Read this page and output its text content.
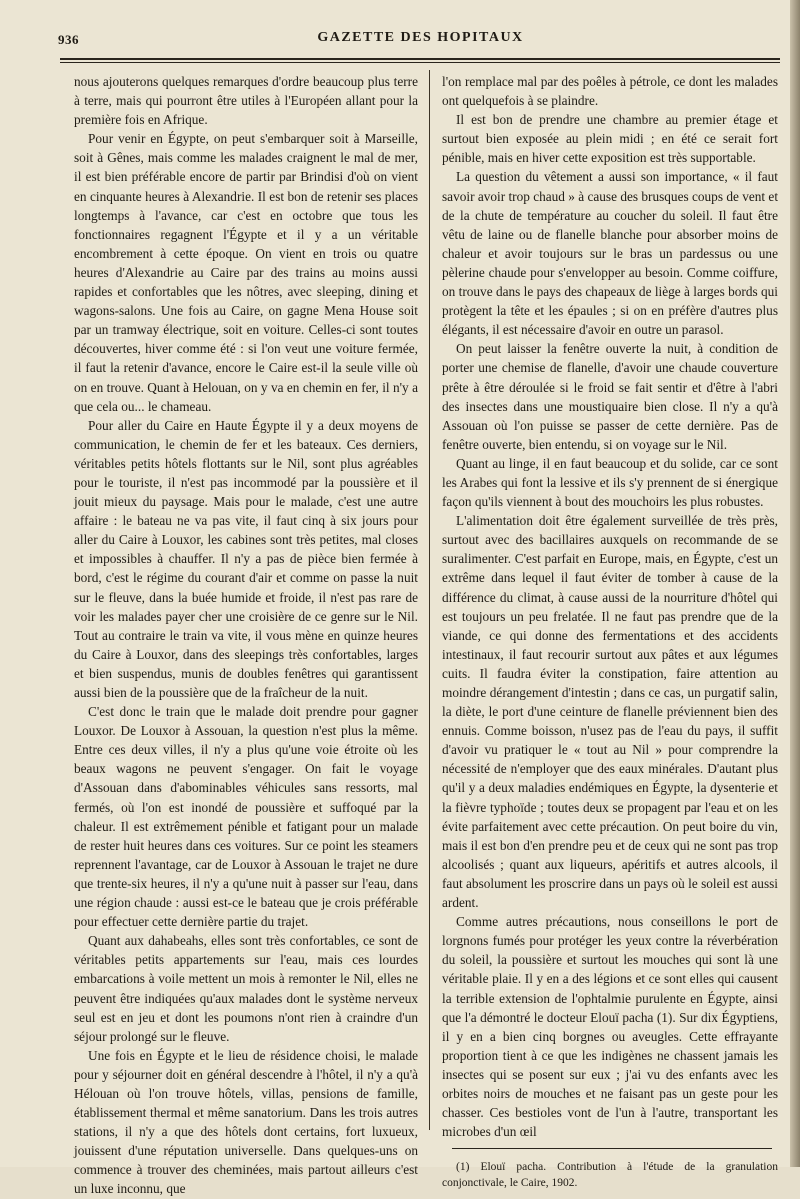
936	GAZETTE DES HOPITAUX

nous ajouterons quelques remarques d'ordre beaucoup plus terre à terre, mais qui pourront être utiles à l'Européen allant pour la première fois en Afrique.

Pour venir en Égypte, on peut s'embarquer soit à Marseille, soit à Gênes, mais comme les malades craignent le mal de mer, il est bien préférable encore de partir par Brindisi d'où on vient en cinquante heures à Alexandrie. Il est bon de retenir ses places longtemps à l'avance, car c'est en octobre que tous les fonctionnaires regagnent l'Égypte et il y a un véritable encombrement à cette époque. On vient en trois ou quatre heures d'Alexandrie au Caire par des trains au moins aussi rapides et confortables que les nôtres, avec sleeping, dining et wagons-salons. Une fois au Caire, on gagne Mena House soit par un tramway électrique, soit en voiture. Celles-ci sont toutes découvertes, hiver comme été : si l'on veut une voiture fermée, il faut la retenir d'avance, encore le Caire est-il la seule ville où on en trouve. Quant à Helouan, on y va en chemin en fer, il n'y a que cela ou... le chameau.

Pour aller du Caire en Haute Égypte il y a deux moyens de communication, le chemin de fer et les bateaux. Ces derniers, véritables petits hôtels flottants sur le Nil, sont plus agréables pour le touriste, il n'est pas incommodé par la poussière et il jouit mieux du paysage. Mais pour le malade, c'est une autre affaire : le bateau ne va pas vite, il faut cinq à six jours pour aller du Caire à Louxor, les cabines sont très petites, mal closes et impossibles à chauffer. Il n'y a pas de pièce bien fermée à bord, c'est le régime du courant d'air et comme on passe la nuit sur le fleuve, dans la buée humide et froide, il n'est pas rare de voir les malades payer cher une croisière de ce genre sur le Nil. Tout au contraire le train va vite, il vous mène en quinze heures du Caire à Louxor, dans des sleepings très confortables, larges et bien suspendus, munis de doubles fenêtres qui garantissent aussi bien de la poussière que de la fraîcheur de la nuit.

C'est donc le train que le malade doit prendre pour gagner Louxor. De Louxor à Assouan, la question n'est plus la même. Entre ces deux villes, il n'y a plus qu'une voie étroite où les beaux wagons ne peuvent s'engager. On fait le voyage d'Assouan dans d'abominables véhicules sans ressorts, mal fermés, où l'on est inondé de poussière et suffoqué par la chaleur. Il est extrêmement pénible et fatigant pour un malade de rester huit heures dans ces voitures. Sur ce point les steamers reprennent l'avantage, car de Louxor à Assouan le trajet ne dure que trente-six heures, il n'y a qu'une nuit à passer sur l'eau, dans une région chaude : aussi est-ce le bateau que je crois préférable pour effectuer cette dernière partie du trajet.

Quant aux dahabeahs, elles sont très confortables, ce sont de véritables petits appartements sur l'eau, mais ces lourdes embarcations à voile mettent un mois à remonter le Nil, elles ne peuvent être indiquées qu'aux malades dont le système nerveux seul est en jeu et dont les poumons n'ont rien à craindre d'un séjour prolongé sur le fleuve.

Une fois en Égypte et le lieu de résidence choisi, le malade pour y séjourner doit en général descendre à l'hôtel, il n'y a qu'à Hélouan où l'on trouve hôtels, villas, pensions de famille, établissement thermal et même sanatorium. Dans les trois autres stations, il n'y a que des hôtels dont certains, fort luxueux, jouissent d'une réputation universelle. Dans quelques-uns on commence à trouver des cheminées, mais partout ailleurs c'est un luxe inconnu, que

l'on remplace mal par des poêles à pétrole, ce dont les malades ont quelquefois à se plaindre.

Il est bon de prendre une chambre au premier étage et surtout bien exposée au plein midi ; en été ce serait fort pénible, mais en hiver cette exposition est très supportable.

La question du vêtement a aussi son importance, « il faut savoir avoir trop chaud » à cause des brusques coups de vent et de la chute de température au coucher du soleil. Il faut être vêtu de laine ou de flanelle blanche pour absorber moins de chaleur et avoir toujours sur le bras un pardessus ou une pèlerine chaude pour s'envelopper au besoin. Comme coiffure, on trouve dans le pays des chapeaux de liège à larges bords qui protègent la tête et les épaules ; si on en préfère d'autres plus élégants, il est nécessaire d'avoir en outre un parasol.

On peut laisser la fenêtre ouverte la nuit, à condition de porter une chemise de flanelle, d'avoir une chaude couverture prête à être déroulée si le froid se fait sentir et d'être à l'abri des insectes dans une moustiquaire bien close. Il n'y a qu'à Assouan où l'on puisse se passer de cette dernière. Pas de fenêtre ouverte, bien entendu, si on voyage sur le Nil.

Quant au linge, il en faut beaucoup et du solide, car ce sont les Arabes qui font la lessive et ils s'y prennent de si énergique façon qu'ils viennent à bout des mouchoirs les plus robustes.

L'alimentation doit être également surveillée de très près, surtout avec des bacillaires auxquels on recommande de se suralimenter. C'est parfait en Europe, mais, en Égypte, c'est un extrême dans lequel il faut éviter de tomber à cause de la différence du climat, à cause aussi de la nourriture d'hôtel qui est toujours un peu frelatée. Il ne faut pas prendre que de la viande, ce qui donne des fermentations et des accidents intestinaux, il faut recourir surtout aux pâtes et aux légumes cuits. Il faudra éviter la constipation, faire attention au moindre dérangement d'intestin ; dans ce cas, un purgatif salin, la diète, le port d'une ceinture de flanelle préviennent bien des ennuis. Comme boisson, n'usez pas de l'eau du pays, il suffit d'avoir vu pratiquer le « tout au Nil » pour comprendre la nécessité de n'employer que des eaux minérales. D'autant plus qu'il y a deux maladies endémiques en Égypte, la dysenterie et la fièvre typhoïde ; toutes deux se propagent par l'eau et on les évite parfaitement avec cette précaution. On peut boire du vin, mais il est bon d'en prendre peu et de ceux qui ne sont pas trop alcoolisés ; quant aux liqueurs, apéritifs et autres alcools, il faut absolument les proscrire dans un pays où le soleil est aussi ardent.

Comme autres précautions, nous conseillons le port de lorgnons fumés pour protéger les yeux contre la réverbération du soleil, la poussière et surtout les mouches qui sont là une véritable plaie. Il y en a des légions et ce sont elles qui causent la terrible extension de l'ophtalmie purulente en Égypte, ainsi que l'a démontré le docteur Elouï pacha (1). Sur dix Égyptiens, il y en a bien cinq borgnes ou aveugles. Cette effrayante proportion tient à ce que les indigènes ne chassent jamais les insectes qui se posent sur eux ; j'ai vu des enfants avec les orbites noirs de mouches et ne faisant pas un geste pour les chasser. Ces bestioles vont de l'un à l'autre, transportant les microbes d'un œil

(1) Elouï pacha. Contribution à l'étude de la granulation conjonctivale, le Caire, 1902.
